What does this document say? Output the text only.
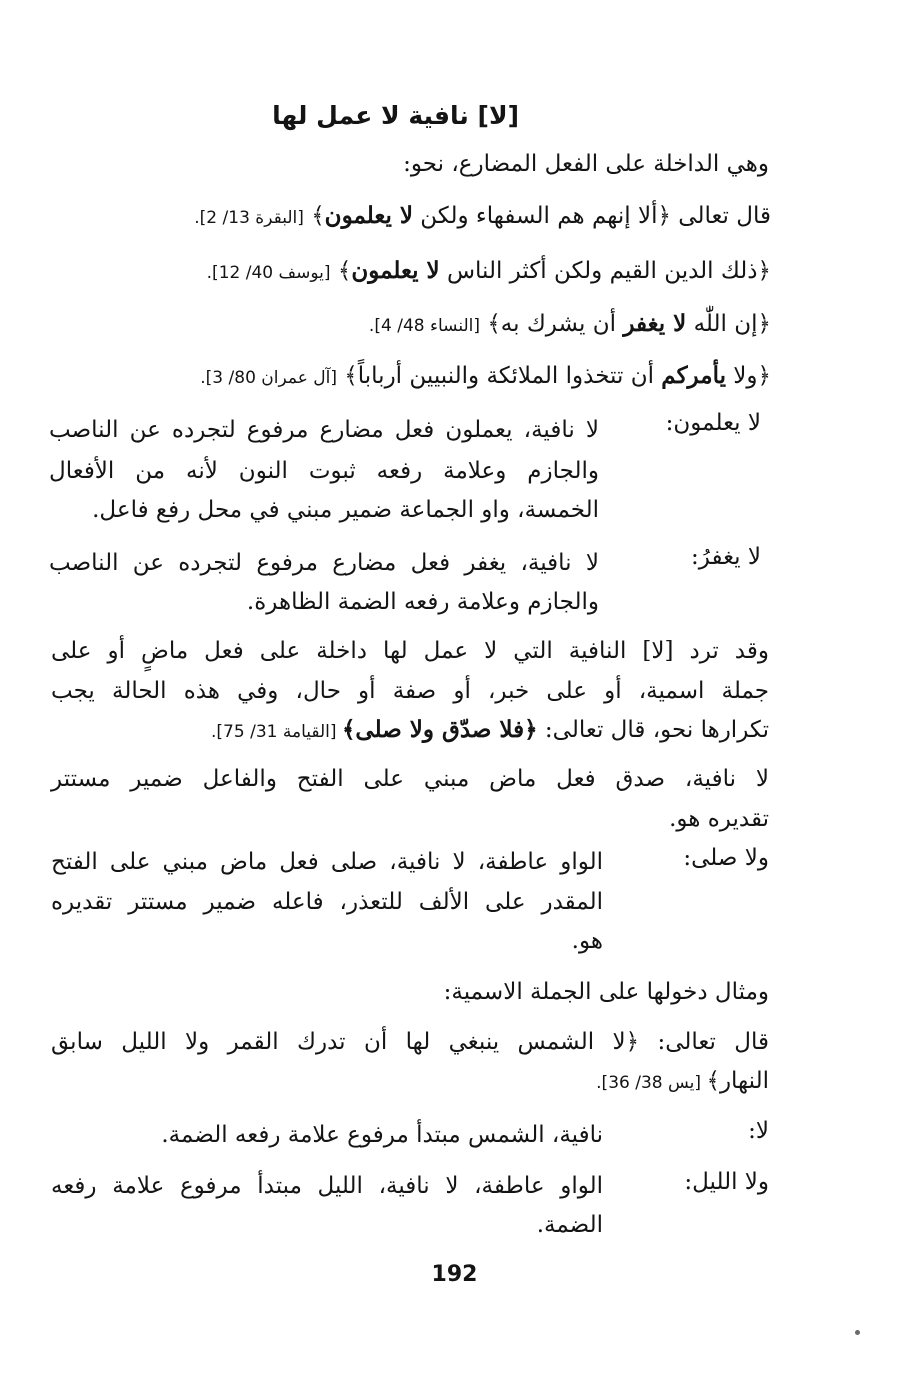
[لا] نافية لا عمل لها
وهي الداخلة على الفعل المضارع، نحو:
قال تعالى ﴿ألا إنهم هم السفهاء ولكن لا يعلمون﴾ [البقرة 13/ 2].
﴿ذلك الدين القيم ولكن أكثر الناس لا يعلمون﴾ [يوسف 40/ 12].
﴿إن اللّٰه لا يغفر أن يشرك به﴾ [النساء 48/ 4].
﴿ولا يأمركم أن تتخذوا الملائكة والنبيين أرباباً﴾ [آل عمران 80/ 3].
لا يعلمون:
لا نافية، يعملون فعل مضارع مرفوع لتجرده عن الناصب
والجازم وعلامة رفعه ثبوت النون لأنه من الأفعال
الخمسة، واو الجماعة ضمير مبني في محل رفع فاعل.
لا يغفرُ:
لا نافية، يغفر فعل مضارع مرفوع لتجرده عن الناصب
والجازم وعلامة رفعه الضمة الظاهرة.
وقد ترد [لا] النافية التي لا عمل لها داخلة على فعل ماضٍ أو على
جملة اسمية، أو على خبر، أو صفة أو حال، وفي هذه الحالة يجب
تكرارها نحو، قال تعالى: ﴿فلا صدّق ولا صلى﴾ [القيامة 31/ 75].
لا نافية، صدق فعل ماض مبني على الفتح والفاعل ضمير مستتر
تقديره هو.
ولا صلى:
الواو عاطفة، لا نافية، صلى فعل ماض مبني على الفتح
المقدر على الألف للتعذر، فاعله ضمير مستتر تقديره
هو.
ومثال دخولها على الجملة الاسمية:
قال تعالى: ﴿لا الشمس ينبغي لها أن تدرك القمر ولا الليل سابق
النهار﴾ [يس 38/ 36].
لا:
نافية، الشمس مبتدأ مرفوع علامة رفعه الضمة.
ولا الليل:
الواو عاطفة، لا نافية، الليل مبتدأ مرفوع علامة رفعه
الضمة.
192
